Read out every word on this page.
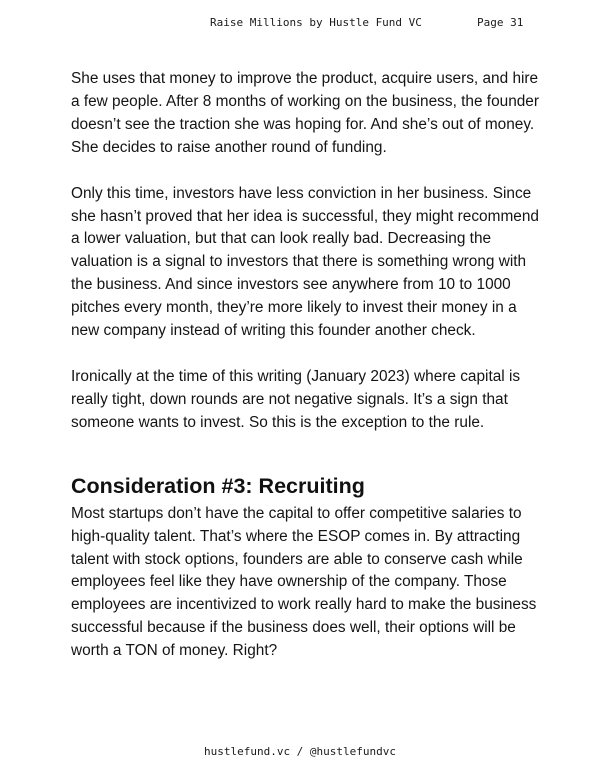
Raise Millions by Hustle Fund VC	Page 31

She uses that money to improve the product, acquire users, and hire a few people. After 8 months of working on the business, the founder doesn’t see the traction she was hoping for. And she’s out of money. She decides to raise another round of funding.

Only this time, investors have less conviction in her business. Since she hasn’t proved that her idea is successful, they might recommend a lower valuation, but that can look really bad. Decreasing the valuation is a signal to investors that there is something wrong with the business. And since investors see anywhere from 10 to 1000 pitches every month, they’re more likely to invest their money in a new company instead of writing this founder another check.

Ironically at the time of this writing (January 2023) where capital is really tight, down rounds are not negative signals. It’s a sign that someone wants to invest. So this is the exception to the rule.

Consideration #3: Recruiting

Most startups don’t have the capital to offer competitive salaries to high-quality talent. That’s where the ESOP comes in. By attracting talent with stock options, founders are able to conserve cash while employees feel like they have ownership of the company. Those employees are incentivized to work really hard to make the business successful because if the business does well, their options will be worth a TON of money. Right?

hustlefund.vc / @hustlefundvc
